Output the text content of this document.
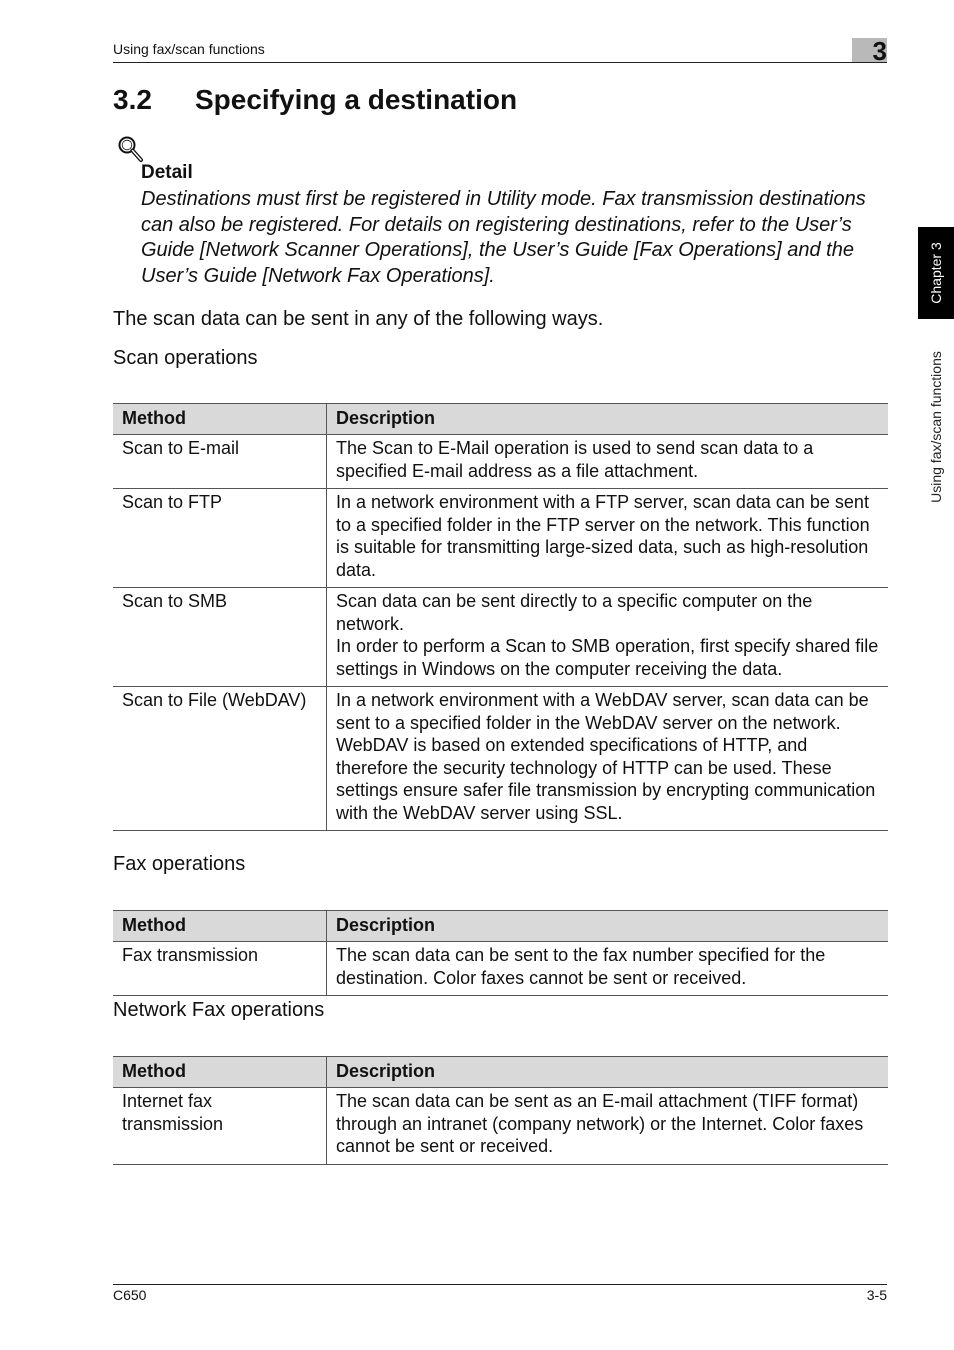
Using fax/scan functions	3
Chapter 3
Using fax/scan functions
3.2 Specifying a destination
Detail
Destinations must first be registered in Utility mode. Fax transmission destinations can also be registered. For details on registering destinations, refer to the User’s Guide [Network Scanner Operations], the User’s Guide [Fax Operations] and the User’s Guide [Network Fax Operations].
The scan data can be sent in any of the following ways.
Scan operations
Method	Description
Scan to E-mail	The Scan to E-Mail operation is used to send scan data to a specified E-mail address as a file attachment.

Scan to FTP	In a network environment with a FTP server, scan data can be sent to a specified folder in the FTP server on the network. This function is suitable for transmitting large-sized data, such as high-resolution data.

Scan to SMB	Scan data can be sent directly to a specific computer on the network.
In order to perform a Scan to SMB operation, first specify shared file settings in Windows on the computer receiving the data.

Scan to File (WebDAV)	In a network environment with a WebDAV server, scan data can be sent to a specified folder in the WebDAV server on the network.
WebDAV is based on extended specifications of HTTP, and therefore the security technology of HTTP can be used. These settings ensure safer file transmission by encrypting communication with the WebDAV server using SSL.
Fax operations
Method	Description
Fax transmission	The scan data can be sent to the fax number specified for the destination. Color faxes cannot be sent or received.
Network Fax operations
Method	Description
Internet fax transmission	The scan data can be sent as an E-mail attachment (TIFF format) through an intranet (company network) or the Internet. Color faxes cannot be sent or received.
C650	3-5
